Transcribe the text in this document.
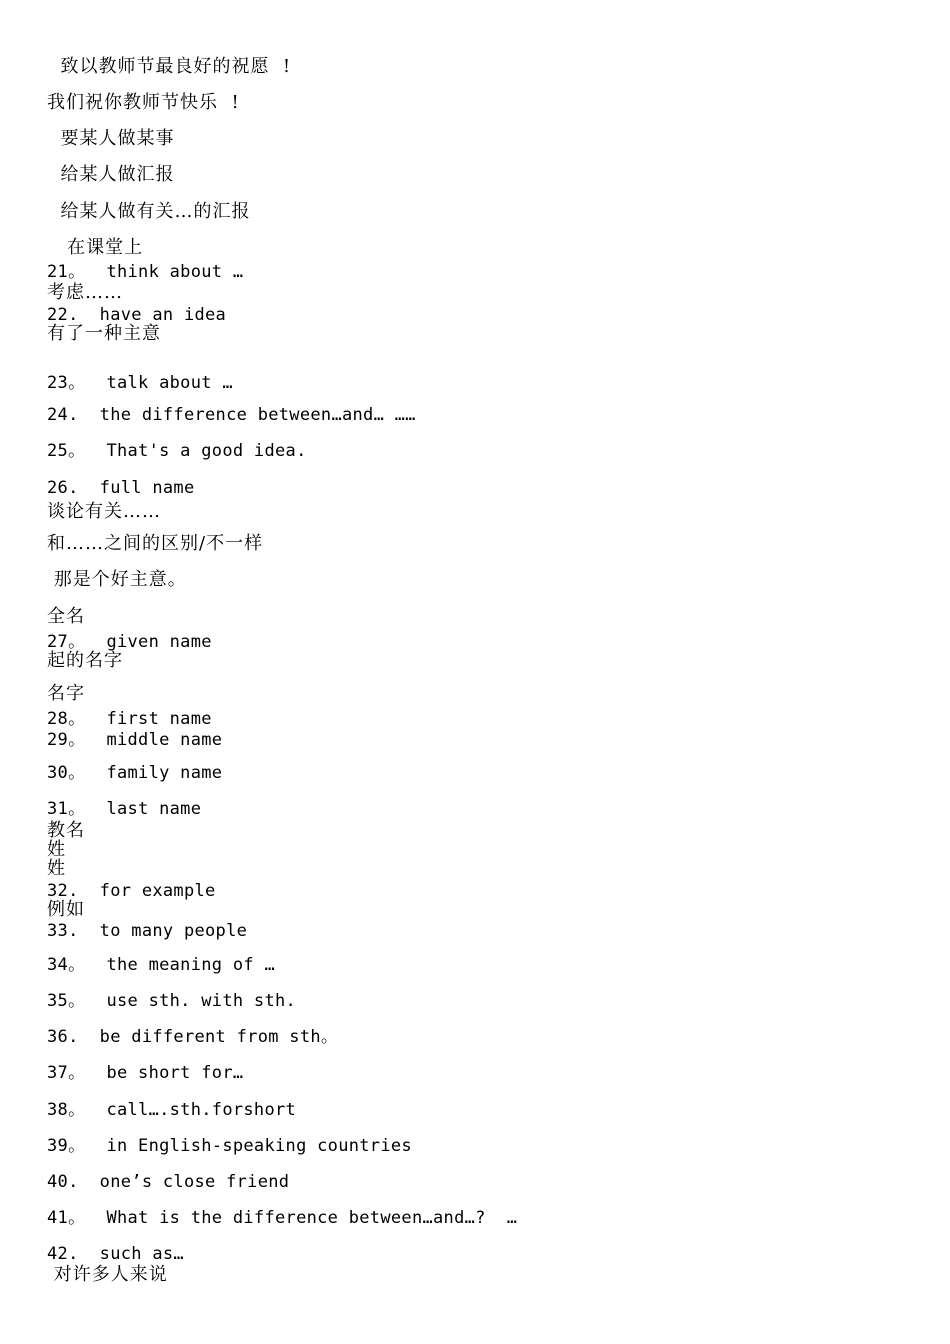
致以教师节最良好的祝愿  !
我们祝你教师节快乐  !
要某人做某事
给某人做汇报
给某人做有关…的汇报
在课堂上
21。  think about …
考虑……
22.  have an idea
有了一种主意
23。  talk about …
24.  the difference between…and… ……
25。  That's a good idea.
26.  full name
谈论有关……
和……之间的区别/不一样
那是个好主意。
全名
27。  given name
起的名字
名字
28。  first name
29。  middle name
30。  family name
31。  last name
教名
姓
姓
32.  for example
例如
33.  to many people
34。  the meaning of …
35。  use sth. with sth.
36.  be different from sth。
37。  be short for…
38。  call….sth.forshort
39。  in English-speaking countries
40.  one’s close friend
41。  What is the difference between…and…?  …
42.  such as…
对许多人来说
